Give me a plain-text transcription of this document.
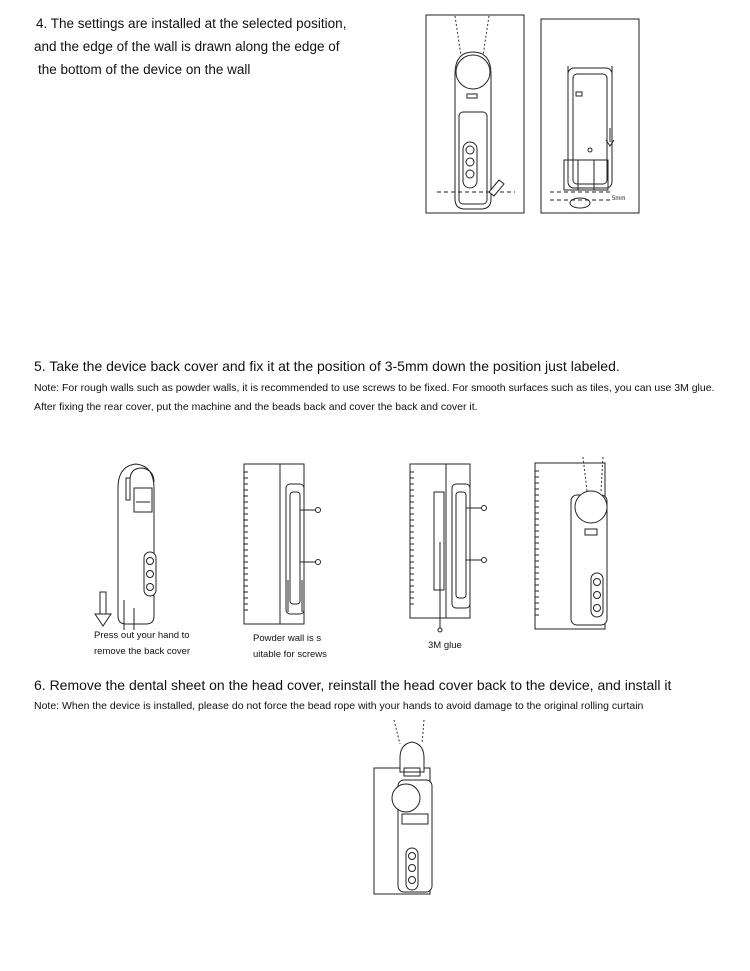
4. The settings are installed at the selected position,
and the edge of the wall is drawn along the edge of
the bottom of the device on the wall
5mm
5. Take the device back cover and fix it at the position of 3-5mm down the position just labeled.
Note: For rough walls such as powder walls, it is recommended to use screws to be fixed. For smooth surfaces such as tiles, you can use 3M glue.
After fixing the rear cover, put the machine and the beads back and cover the back and cover it.
Press out your hand to
remove the back cover
Powder wall is s
uitable for screws
3M glue
6. Remove the dental sheet on the head cover, reinstall the head cover back to the device, and install it
Note: When the device is installed, please do not force the bead rope with your hands to avoid damage to the original rolling curtain
